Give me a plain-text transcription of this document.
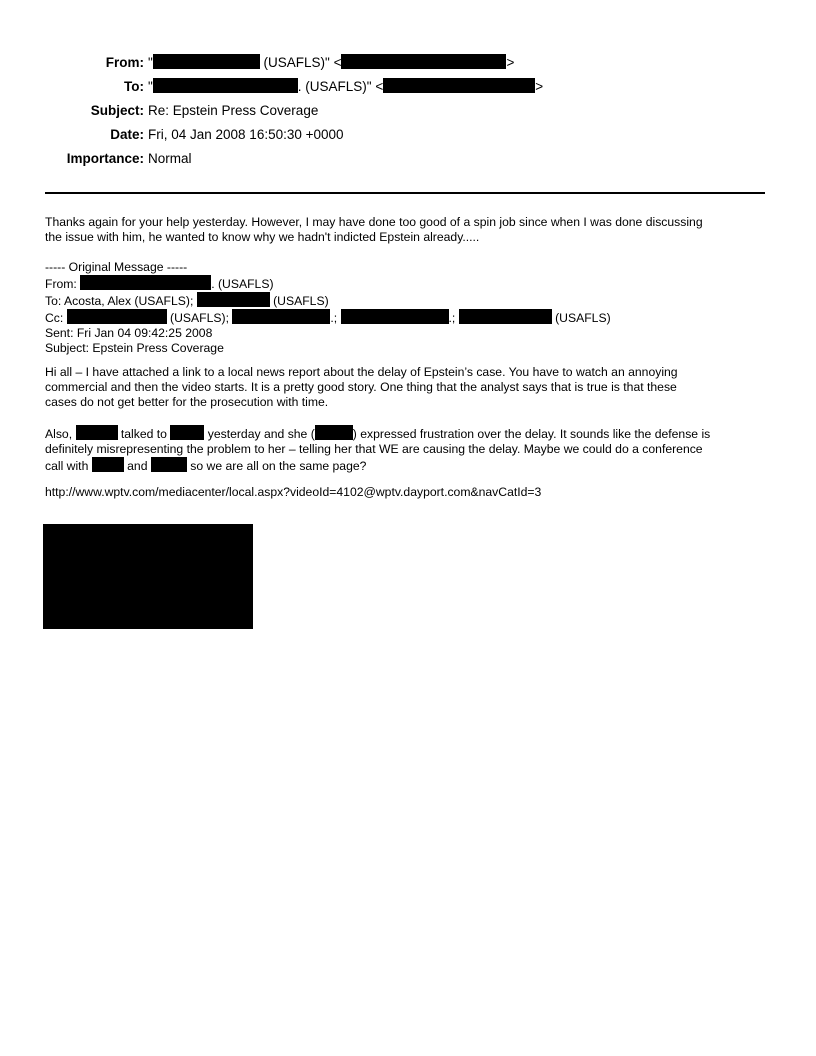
From: "	(USAFLS)" <	>
To: "	. (USAFLS)" <	>
Subject: Re: Epstein Press Coverage
Date: Fri, 04 Jan 2008 16:50:30 +0000
Importance: Normal
Thanks again for your help yesterday. However, I may have done too good of a spin job since when I was done discussing
the issue with him, he wanted to know why we hadn't indicted Epstein already.....
----- Original Message -----
From:	. (USAFLS)
To: Acosta, Alex (USAFLS);	(USAFLS)
Cc:	(USAFLS);	.;	.;	(USAFLS)
Sent: Fri Jan 04 09:42:25 2008
Subject: Epstein Press Coverage
Hi all – I have attached a link to a local news report about the delay of Epstein’s case. You have to watch an annoying
commercial and then the video starts. It is a pretty good story. One thing that the analyst says that is true is that these
cases do not get better for the prosecution with time.
Also,	talked to	yesterday and she (	) expressed frustration over the delay. It sounds like the defense is
definitely misrepresenting the problem to her – telling her that WE are causing the delay. Maybe we could do a conference
call with	and	so we are all on the same page?
http://www.wptv.com/mediacenter/local.aspx?videoId=4102@wptv.dayport.com&navCatId=3
